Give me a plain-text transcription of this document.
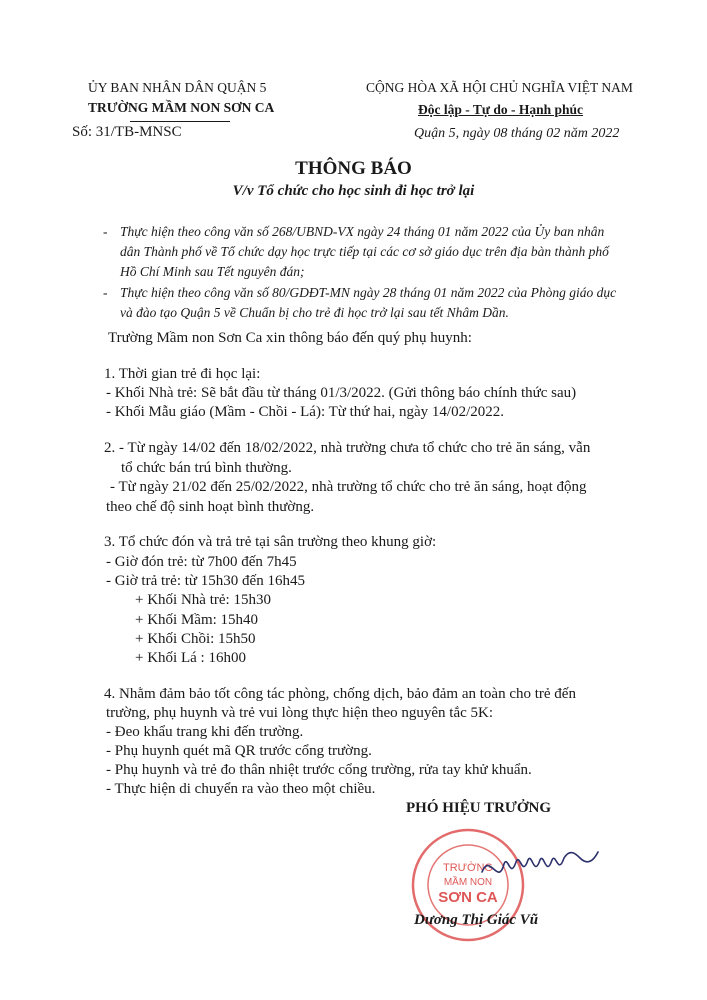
ỦY BAN NHÂN DÂN QUẬN 5
TRƯỜNG MẦM NON SƠN CA
Số: 31/TB-MNSC
CỘNG HÒA XÃ HỘI CHỦ NGHĨA VIỆT NAM
Độc lập - Tự do - Hạnh phúc
Quận 5, ngày 08 tháng 02 năm 2022
THÔNG BÁO
V/v Tổ chức cho học sinh đi học trở lại
- Thực hiện theo công văn số 268/UBND-VX ngày 24 tháng 01 năm 2022 của Ủy ban nhân
dân Thành phố về Tổ chức dạy học trực tiếp tại các cơ sở giáo dục trên địa bàn thành phố
Hồ Chí Minh sau Tết nguyên đán;
- Thực hiện theo công văn số 80/GDĐT-MN ngày 28 tháng 01 năm 2022 của Phòng giáo dục
và đào tạo Quận 5 về Chuẩn bị cho trẻ đi học trở lại sau tết Nhâm Dần.
Trường Mầm non Sơn Ca xin thông báo đến quý phụ huynh:
1. Thời gian trẻ đi học lại:
- Khối Nhà trẻ: Sẽ bắt đầu từ tháng 01/3/2022. (Gửi thông báo chính thức sau)
- Khối Mẫu giáo (Mầm - Chồi - Lá): Từ thứ hai, ngày 14/02/2022.
2. - Từ ngày 14/02 đến 18/02/2022, nhà trường chưa tổ chức cho trẻ ăn sáng, vẫn
tổ chức bán trú bình thường.
- Từ ngày 21/02 đến 25/02/2022, nhà trường tổ chức cho trẻ ăn sáng, hoạt động
theo chế độ sinh hoạt bình thường.
3. Tổ chức đón và trả trẻ tại sân trường theo khung giờ:
- Giờ đón trẻ: từ 7h00 đến 7h45
- Giờ trả trẻ: từ 15h30 đến 16h45
+ Khối Nhà trẻ: 15h30
+ Khối Mầm: 15h40
+ Khối Chồi: 15h50
+ Khối Lá : 16h00
4. Nhằm đảm bảo tốt công tác phòng, chống dịch, bảo đảm an toàn cho trẻ đến
trường, phụ huynh và trẻ vui lòng thực hiện theo nguyên tắc 5K:
- Đeo khẩu trang khi đến trường.
- Phụ huynh quét mã QR trước cổng trường.
- Phụ huynh và trẻ đo thân nhiệt trước cổng trường, rửa tay khử khuẩn.
- Thực hiện di chuyển ra vào theo một chiều.
PHÓ HIỆU TRƯỞNG
TRƯỜNG
MẦM NON
SƠN CA
Dương Thị Giác Vũ
